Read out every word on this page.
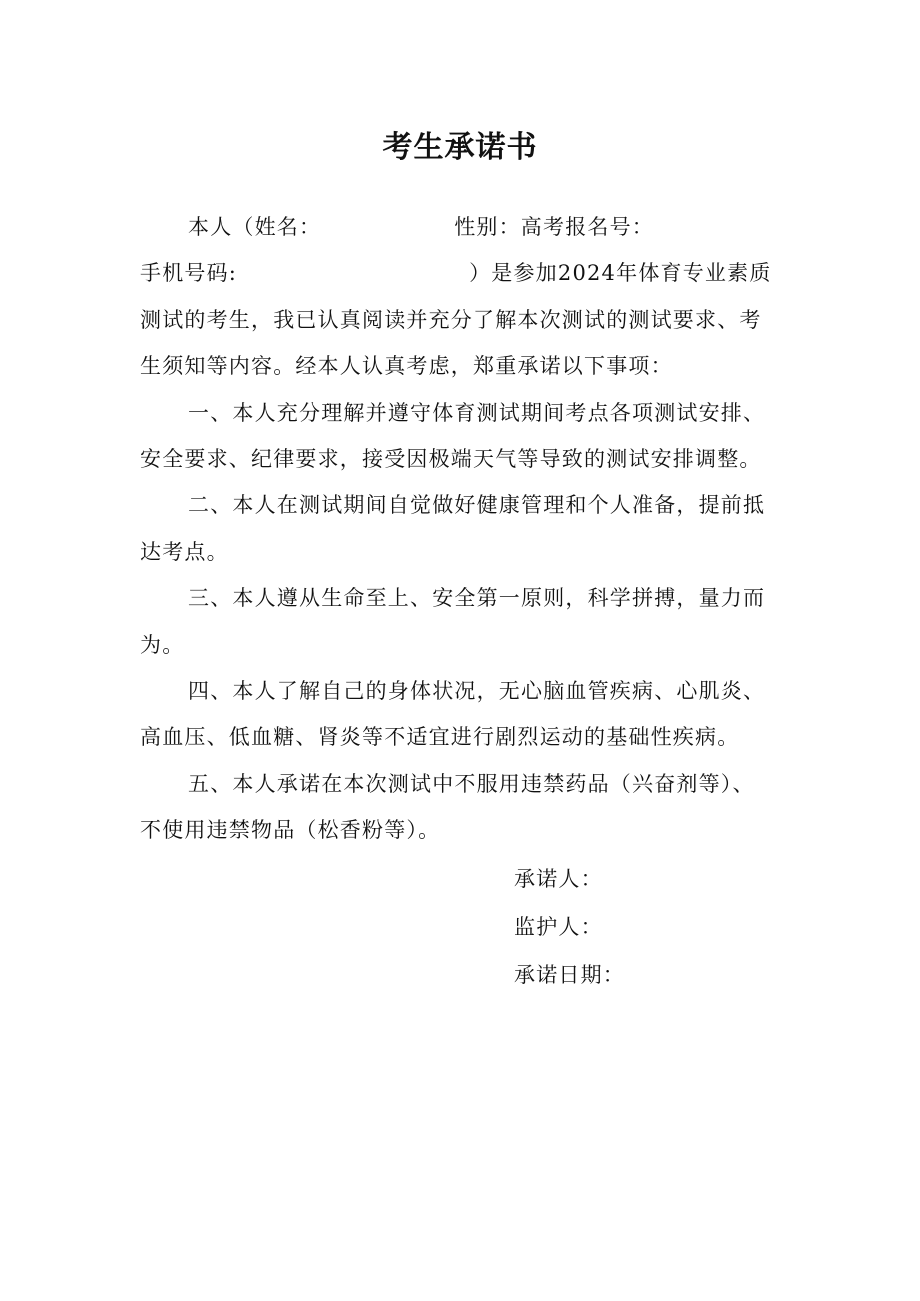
考生承诺书
本人（姓名：	性别：高考报名号：
手机号码:	）是参加2024年体育专业素质
测试的考生，我已认真阅读并充分了解本次测试的测试要求、考
生须知等内容。经本人认真考虑，郑重承诺以下事项：
一、本人充分理解并遵守体育测试期间考点各项测试安排、
安全要求、纪律要求，接受因极端天气等导致的测试安排调整。
二、本人在测试期间自觉做好健康管理和个人准备，提前抵
达考点。
三、本人遵从生命至上、安全第一原则，科学拼搏，量力而
为。
四、本人了解自己的身体状况，无心脑血管疾病、心肌炎、
高血压、低血糖、肾炎等不适宜进行剧烈运动的基础性疾病。
五、本人承诺在本次测试中不服用违禁药品（兴奋剂等）、
不使用违禁物品（松香粉等）。
承诺人：
监护人：
承诺日期：
